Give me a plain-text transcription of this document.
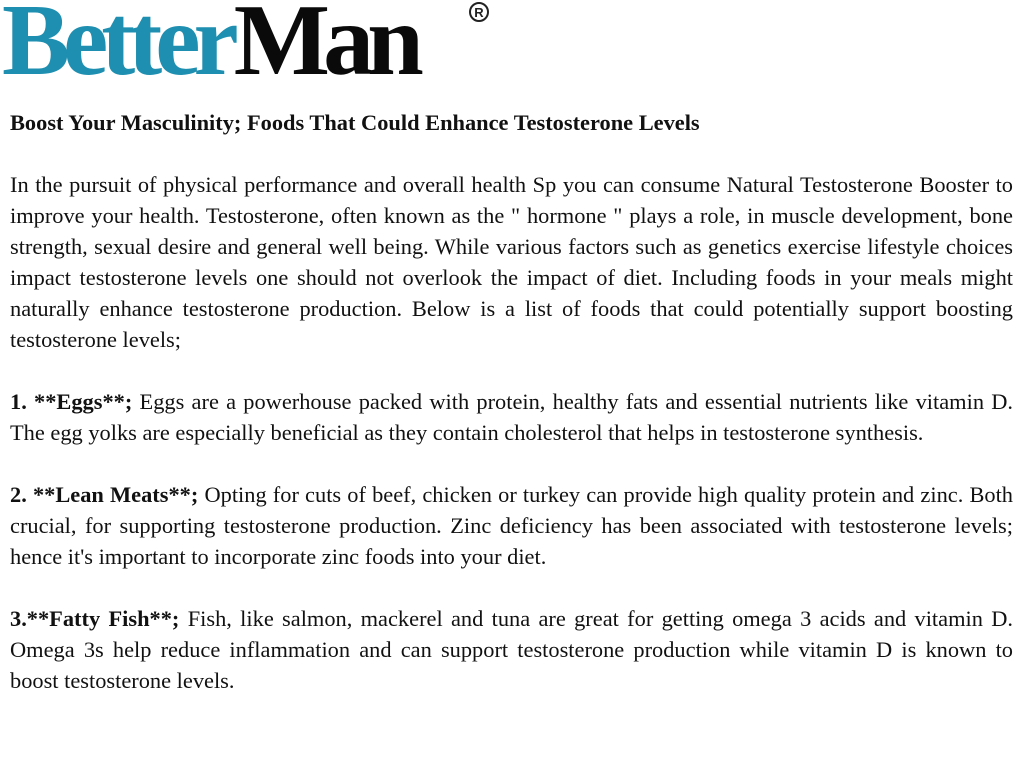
Better Man	R

Boost Your Masculinity; Foods That Could Enhance Testosterone Levels

In the pursuit of physical performance and overall health Sp you can consume Natural Testosterone Booster to improve your health. Testosterone, often known as the " hormone " plays a role, in muscle development, bone strength, sexual desire and general well being. While various factors such as genetics exercise lifestyle choices impact testosterone levels one should not overlook the impact of diet. Including foods in your meals might naturally enhance testosterone production. Below is a list of foods that could potentially support boosting testosterone levels;

1. **Eggs**; Eggs are a powerhouse packed with protein, healthy fats and essential nutrients like vitamin D. The egg yolks are especially beneficial as they contain cholesterol that helps in testosterone synthesis.

2. **Lean Meats**; Opting for cuts of beef, chicken or turkey can provide high quality protein and zinc. Both crucial, for supporting testosterone production. Zinc deficiency has been associated with testosterone levels; hence it's important to incorporate zinc foods into your diet.

3.**Fatty Fish**; Fish, like salmon, mackerel and tuna are great for getting omega 3 acids and vitamin D. Omega 3s help reduce inflammation and can support testosterone production while vitamin D is known to boost testosterone levels.
